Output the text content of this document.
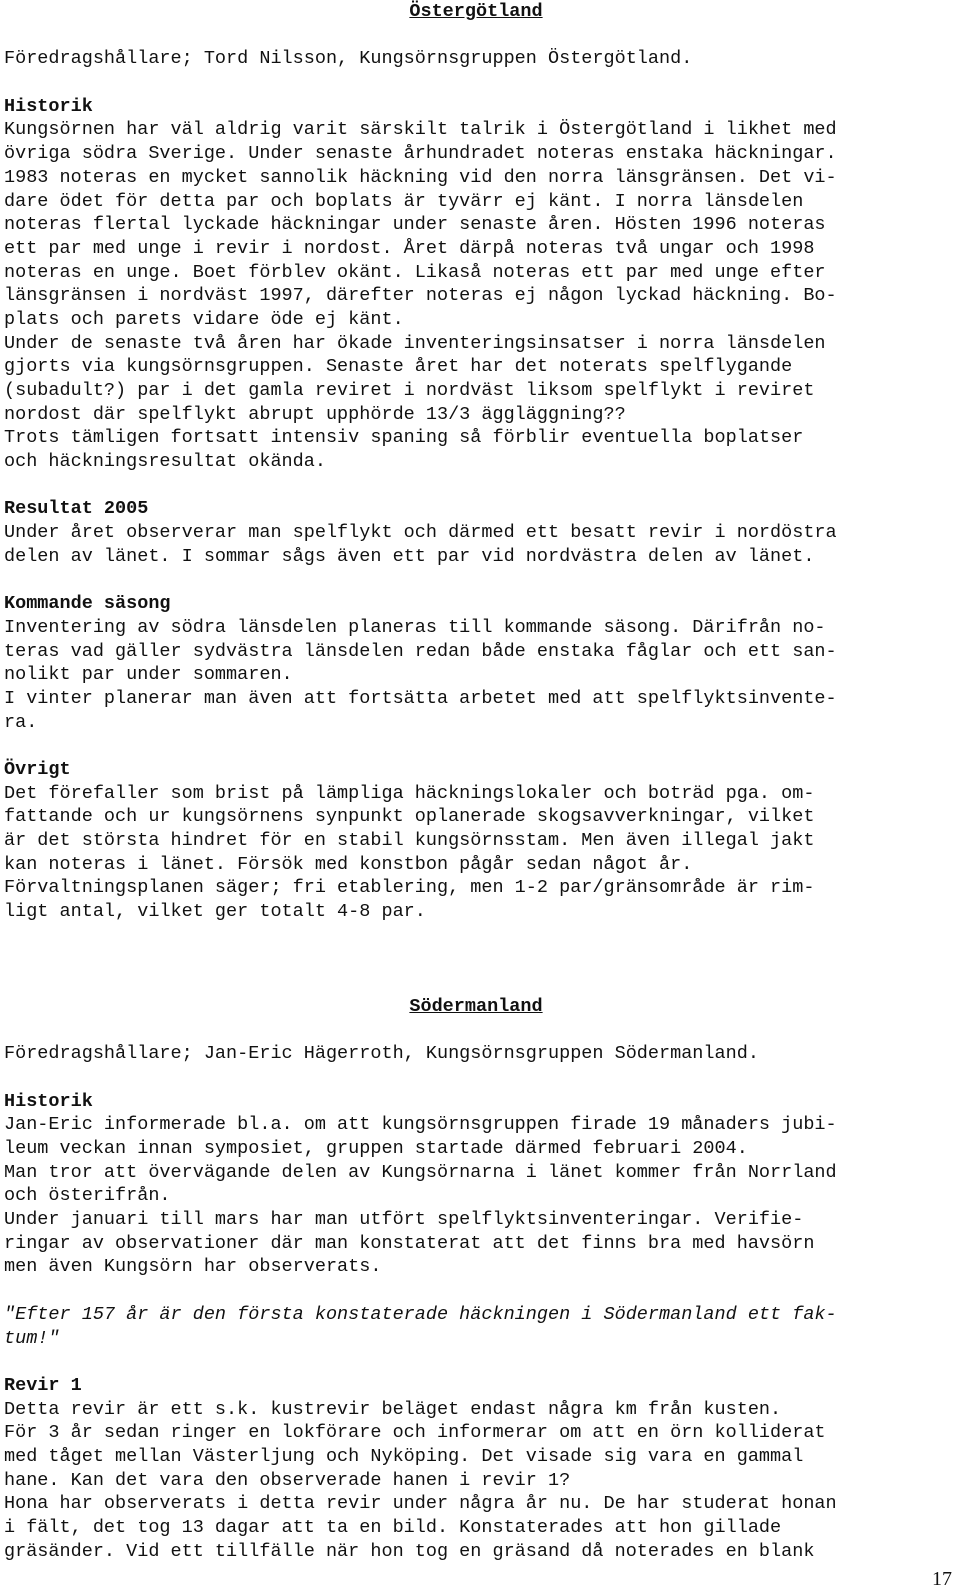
Östergötland
Föredragshållare; Tord Nilsson, Kungsörnsgruppen Östergötland.
Historik
Kungsörnen har väl aldrig varit särskilt talrik i Östergötland i likhet med
övriga södra Sverige. Under senaste århundradet noteras enstaka häckningar.
1983 noteras en mycket sannolik häckning vid den norra länsgränsen. Det vi-
dare ödet för detta par och boplats är tyvärr ej känt. I norra länsdelen
noteras flertal lyckade häckningar under senaste åren. Hösten 1996 noteras
ett par med unge i revir i nordost. Året därpå noteras två ungar och 1998
noteras en unge. Boet förblev okänt. Likaså noteras ett par med unge efter
länsgränsen i nordväst 1997, därefter noteras ej någon lyckad häckning. Bo-
plats och parets vidare öde ej känt.
Under de senaste två åren har ökade inventeringsinsatser i norra länsdelen
gjorts via kungsörnsgruppen. Senaste året har det noterats spelflygande
(subadult?) par i det gamla reviret i nordväst liksom spelflykt i reviret
nordost där spelflykt abrupt upphörde 13/3 äggläggning??
Trots tämligen fortsatt intensiv spaning så förblir eventuella boplatser
och häckningsresultat okända.
Resultat 2005
Under året observerar man spelflykt och därmed ett besatt revir i nordöstra
delen av länet. I sommar sågs även ett par vid nordvästra delen av länet.
Kommande säsong
Inventering av södra länsdelen planeras till kommande säsong. Därifrån no-
teras vad gäller sydvästra länsdelen redan både enstaka fåglar och ett san-
nolikt par under sommaren.
I vinter planerar man även att fortsätta arbetet med att spelflyktsinvente-
ra.
Övrigt
Det förefaller som brist på lämpliga häckningslokaler och boträd pga. om-
fattande och ur kungsörnens synpunkt oplanerade skogsavverkningar, vilket
är det största hindret för en stabil kungsörnsstam. Men även illegal jakt
kan noteras i länet. Försök med konstbon pågår sedan något år.
Förvaltningsplanen säger; fri etablering, men 1-2 par/gränsområde är rim-
ligt antal, vilket ger totalt 4-8 par.
Södermanland
Föredragshållare; Jan-Eric Hägerroth, Kungsörnsgruppen Södermanland.
Historik
Jan-Eric informerade bl.a. om att kungsörnsgruppen firade 19 månaders jubi-
leum veckan innan symposiet, gruppen startade därmed februari 2004.
Man tror att övervägande delen av Kungsörnarna i länet kommer från Norrland
och österifrån.
Under januari till mars har man utfört spelflyktsinventeringar. Verifie-
ringar av observationer där man konstaterat att det finns bra med havsörn
men även Kungsörn har observerats.
"Efter 157 år är den första konstaterade häckningen i Södermanland ett fak-
tum!"
Revir 1
Detta revir är ett s.k. kustrevir beläget endast några km från kusten.
För 3 år sedan ringer en lokförare och informerar om att en örn kolliderat
med tåget mellan Västerljung och Nyköping. Det visade sig vara en gammal
hane. Kan det vara den observerade hanen i revir 1?
Hona har observerats i detta revir under några år nu. De har studerat honan
i fält, det tog 13 dagar att ta en bild. Konstaterades att hon gillade
gräsänder. Vid ett tillfälle när hon tog en gräsand då noterades en blank
17
